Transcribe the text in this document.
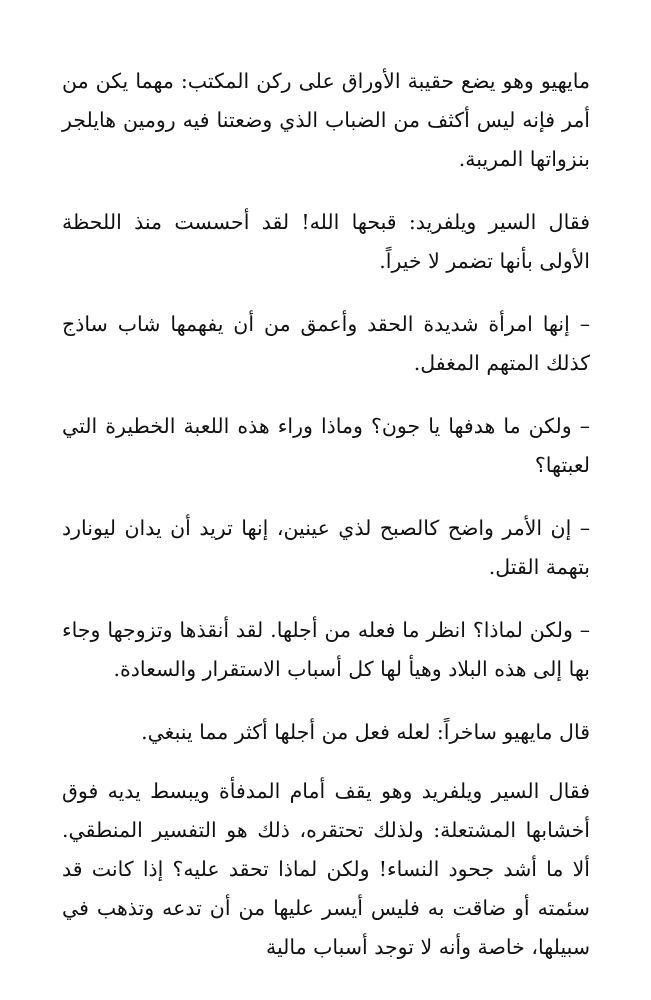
مايهيو وهو يضع حقيبة الأوراق على ركن المكتب: مهما يكن من أمر فإنه ليس أكثف من الضباب الذي وضعتنا فيه رومين هايلجر بنزواتها المريبة.

فقال السير ويلفريد: قبحها الله! لقد أحسست منذ اللحظة الأولى بأنها تضمر لا خيراً.

– إنها امرأة شديدة الحقد وأعمق من أن يفهمها شاب ساذج كذلك المتهم المغفل.

– ولكن ما هدفها يا جون؟ وماذا وراء هذه اللعبة الخطيرة التي لعبتها؟

– إن الأمر واضح كالصبح لذي عينين، إنها تريد أن يدان ليونارد بتهمة القتل.

– ولكن لماذا؟ انظر ما فعله من أجلها. لقد أنقذها وتزوجها وجاء بها إلى هذه البلاد وهيأ لها كل أسباب الاستقرار والسعادة.

قال مايهيو ساخراً: لعله فعل من أجلها أكثر مما ينبغي.

فقال السير ويلفريد وهو يقف أمام المدفأة ويبسط يديه فوق أخشابها المشتعلة: ولذلك تحتقره، ذلك هو التفسير المنطقي. ألا ما أشد جحود النساء! ولكن لماذا تحقد عليه؟ إذا كانت قد سئمته أو ضاقت به فليس أيسر عليها من أن تدعه وتذهب في سبيلها، خاصة وأنه لا توجد أسباب مالية
